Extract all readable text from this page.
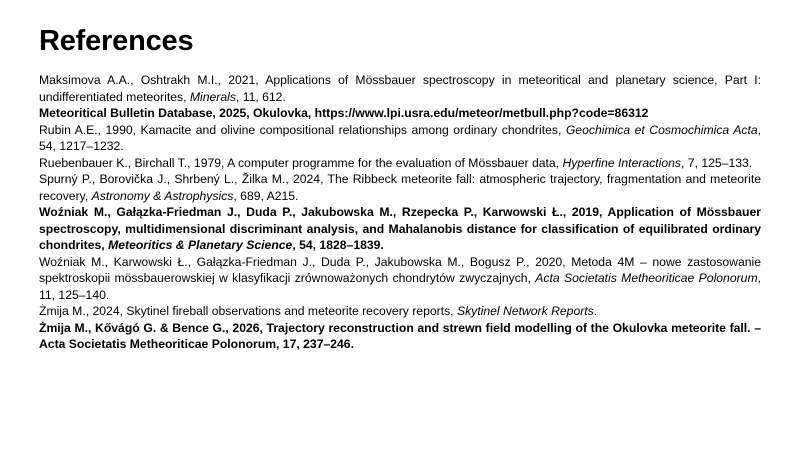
References

Maksimova A.A., Oshtrakh M.I., 2021, Applications of Mössbauer spectroscopy in meteoritical and planetary science, Part I: undifferentiated meteorites, Minerals, 11, 612.

Meteoritical Bulletin Database, 2025, Okulovka, https://www.lpi.usra.edu/meteor/metbull.php?code=86312

Rubin A.E., 1990, Kamacite and olivine compositional relationships among ordinary chondrites, Geochimica et Cosmochimica Acta, 54, 1217–1232.

Ruebenbauer K., Birchall T., 1979, A computer programme for the evaluation of Mössbauer data, Hyperfine Interactions, 7, 125–133.

Spurný P., Borovička J., Shrbený L., Žilka M., 2024, The Ribbeck meteorite fall: atmospheric trajectory, fragmentation and meteorite recovery, Astronomy & Astrophysics, 689, A215.

Woźniak M., Gałązka-Friedman J., Duda P., Jakubowska M., Rzepecka P., Karwowski Ł., 2019, Application of Mössbauer spectroscopy, multidimensional discriminant analysis, and Mahalanobis distance for classification of equilibrated ordinary chondrites, Meteoritics & Planetary Science, 54, 1828–1839.

Woźniak M., Karwowski Ł., Gałązka-Friedman J., Duda P., Jakubowska M., Bogusz P., 2020, Metoda 4M – nowe zastosowanie spektroskopii mössbauerowskiej w klasyfikacji zrównoważonych chondrytów zwyczajnych, Acta Societatis Metheoriticae Polonorum, 11, 125–140.

Żmija M., 2024, Skytinel fireball observations and meteorite recovery reports, Skytinel Network Reports.

Żmija M., Kővágó G. & Bence G., 2026, Trajectory reconstruction and strewn field modelling of the Okulovka meteorite fall. – Acta Societatis Metheoriticae Polonorum, 17, 237–246.
